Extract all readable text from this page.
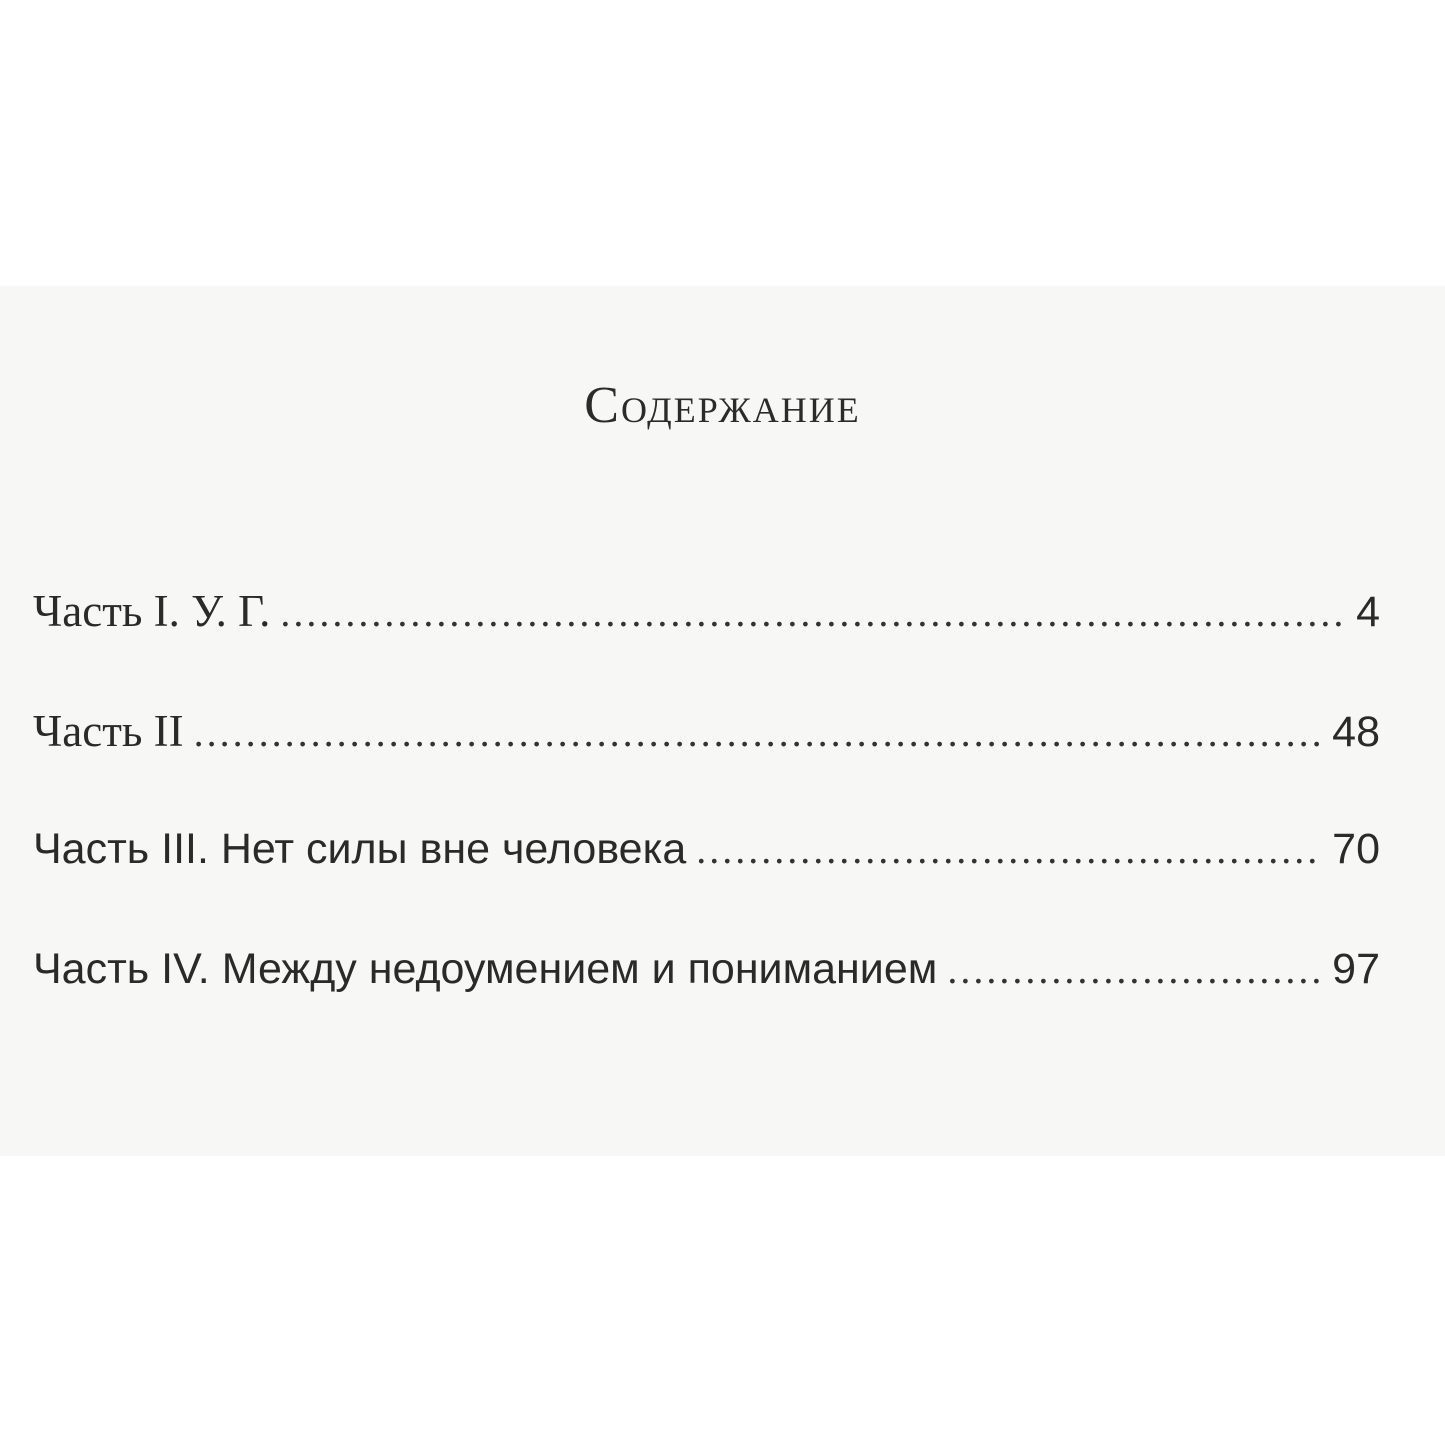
Содержание
Часть I. У. Г. .....	4
Часть II .....	48
Часть III. Нет силы вне человека .....	70
Часть IV. Между недоумением и пониманием .....	97
